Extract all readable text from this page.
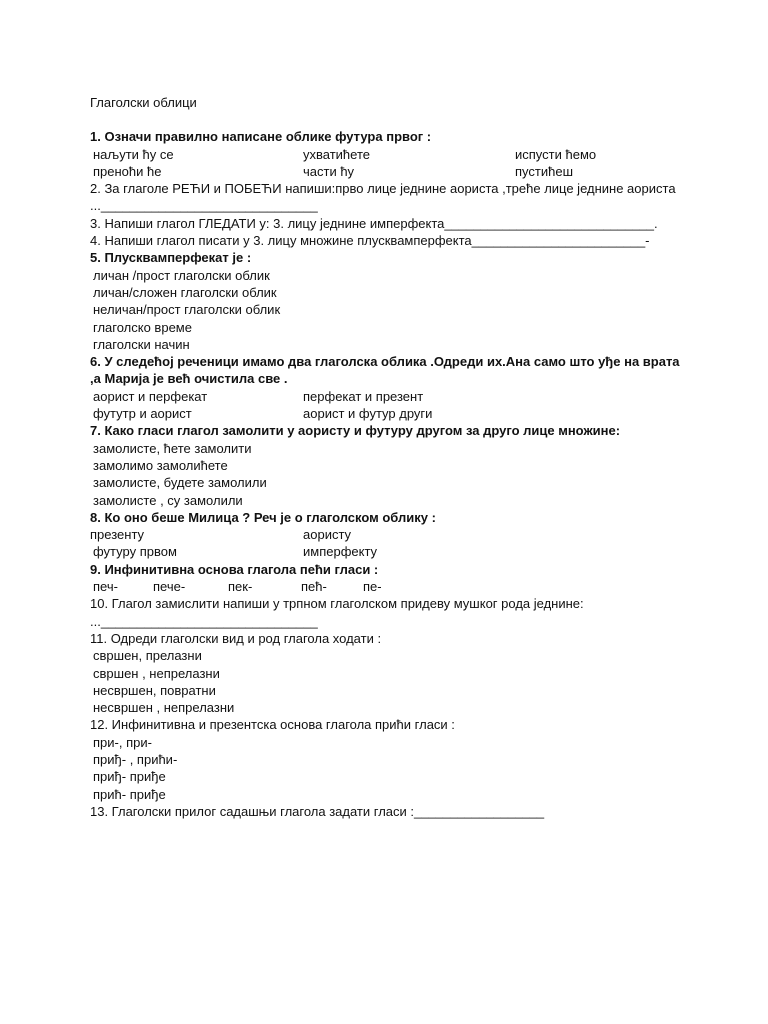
Глаголски облици
1. Означи правилно написане облике футура првог :
наљути ћу се	ухватићете	испусти ћемо
преноћи ће	части ћу	пустићеш
2. За глаголе РЕЋИ и ПОБЕЋИ напиши:прво лице једнине аориста ,треће лице једнине аориста
...______________________________
3. Напиши глагол ГЛЕДАТИ у: 3. лицу једнине имперфекта_____________________________.
4. Напиши глагол писати у 3. лицу множине плусквамперфекта________________________-
5. Плусквамперфекат је :
личан /прост глаголски облик
личан/сложен глаголски облик
неличан/прост глаголски облик
глаголско време
глаголски начин
6. У следећој реченици имамо два глаголска облика .Одреди их.Ана само што уђе на врата ,а Марија је већ очистила све .
аорист и перфекат	перфекат и презент
футутр и аорист	аорист и футур други
7. Како гласи глагол замолити у аористу и футуру другом за друго лице множине:
замолисте, ћете замолити
замолимо замолићете
замолисте, будете замолили
замолисте , су замолили
8. Ко оно беше Милица ? Реч је о глаголском облику :
презенту	аористу
футуру првом	имперфекту
9. Инфинитивна основа глагола пећи гласи :
печ-	пече-	пек-	пећ-	пе-
10. Глагол замислити напиши у трпном глаголском придеву мушког рода једнине:
...______________________________
11. Одреди глаголски вид и род глагола ходати :
свршен, прелазни
свршен , непрелазни
несвршен, повратни
несвршен , непрелазни
12. Инфинитивна и презентска основа глагола прићи гласи :
при-, при-
приђ- , прићи-
приђ- приђе
прић- приђе
13. Глаголски прилог садашњи глагола задати гласи :__________________
